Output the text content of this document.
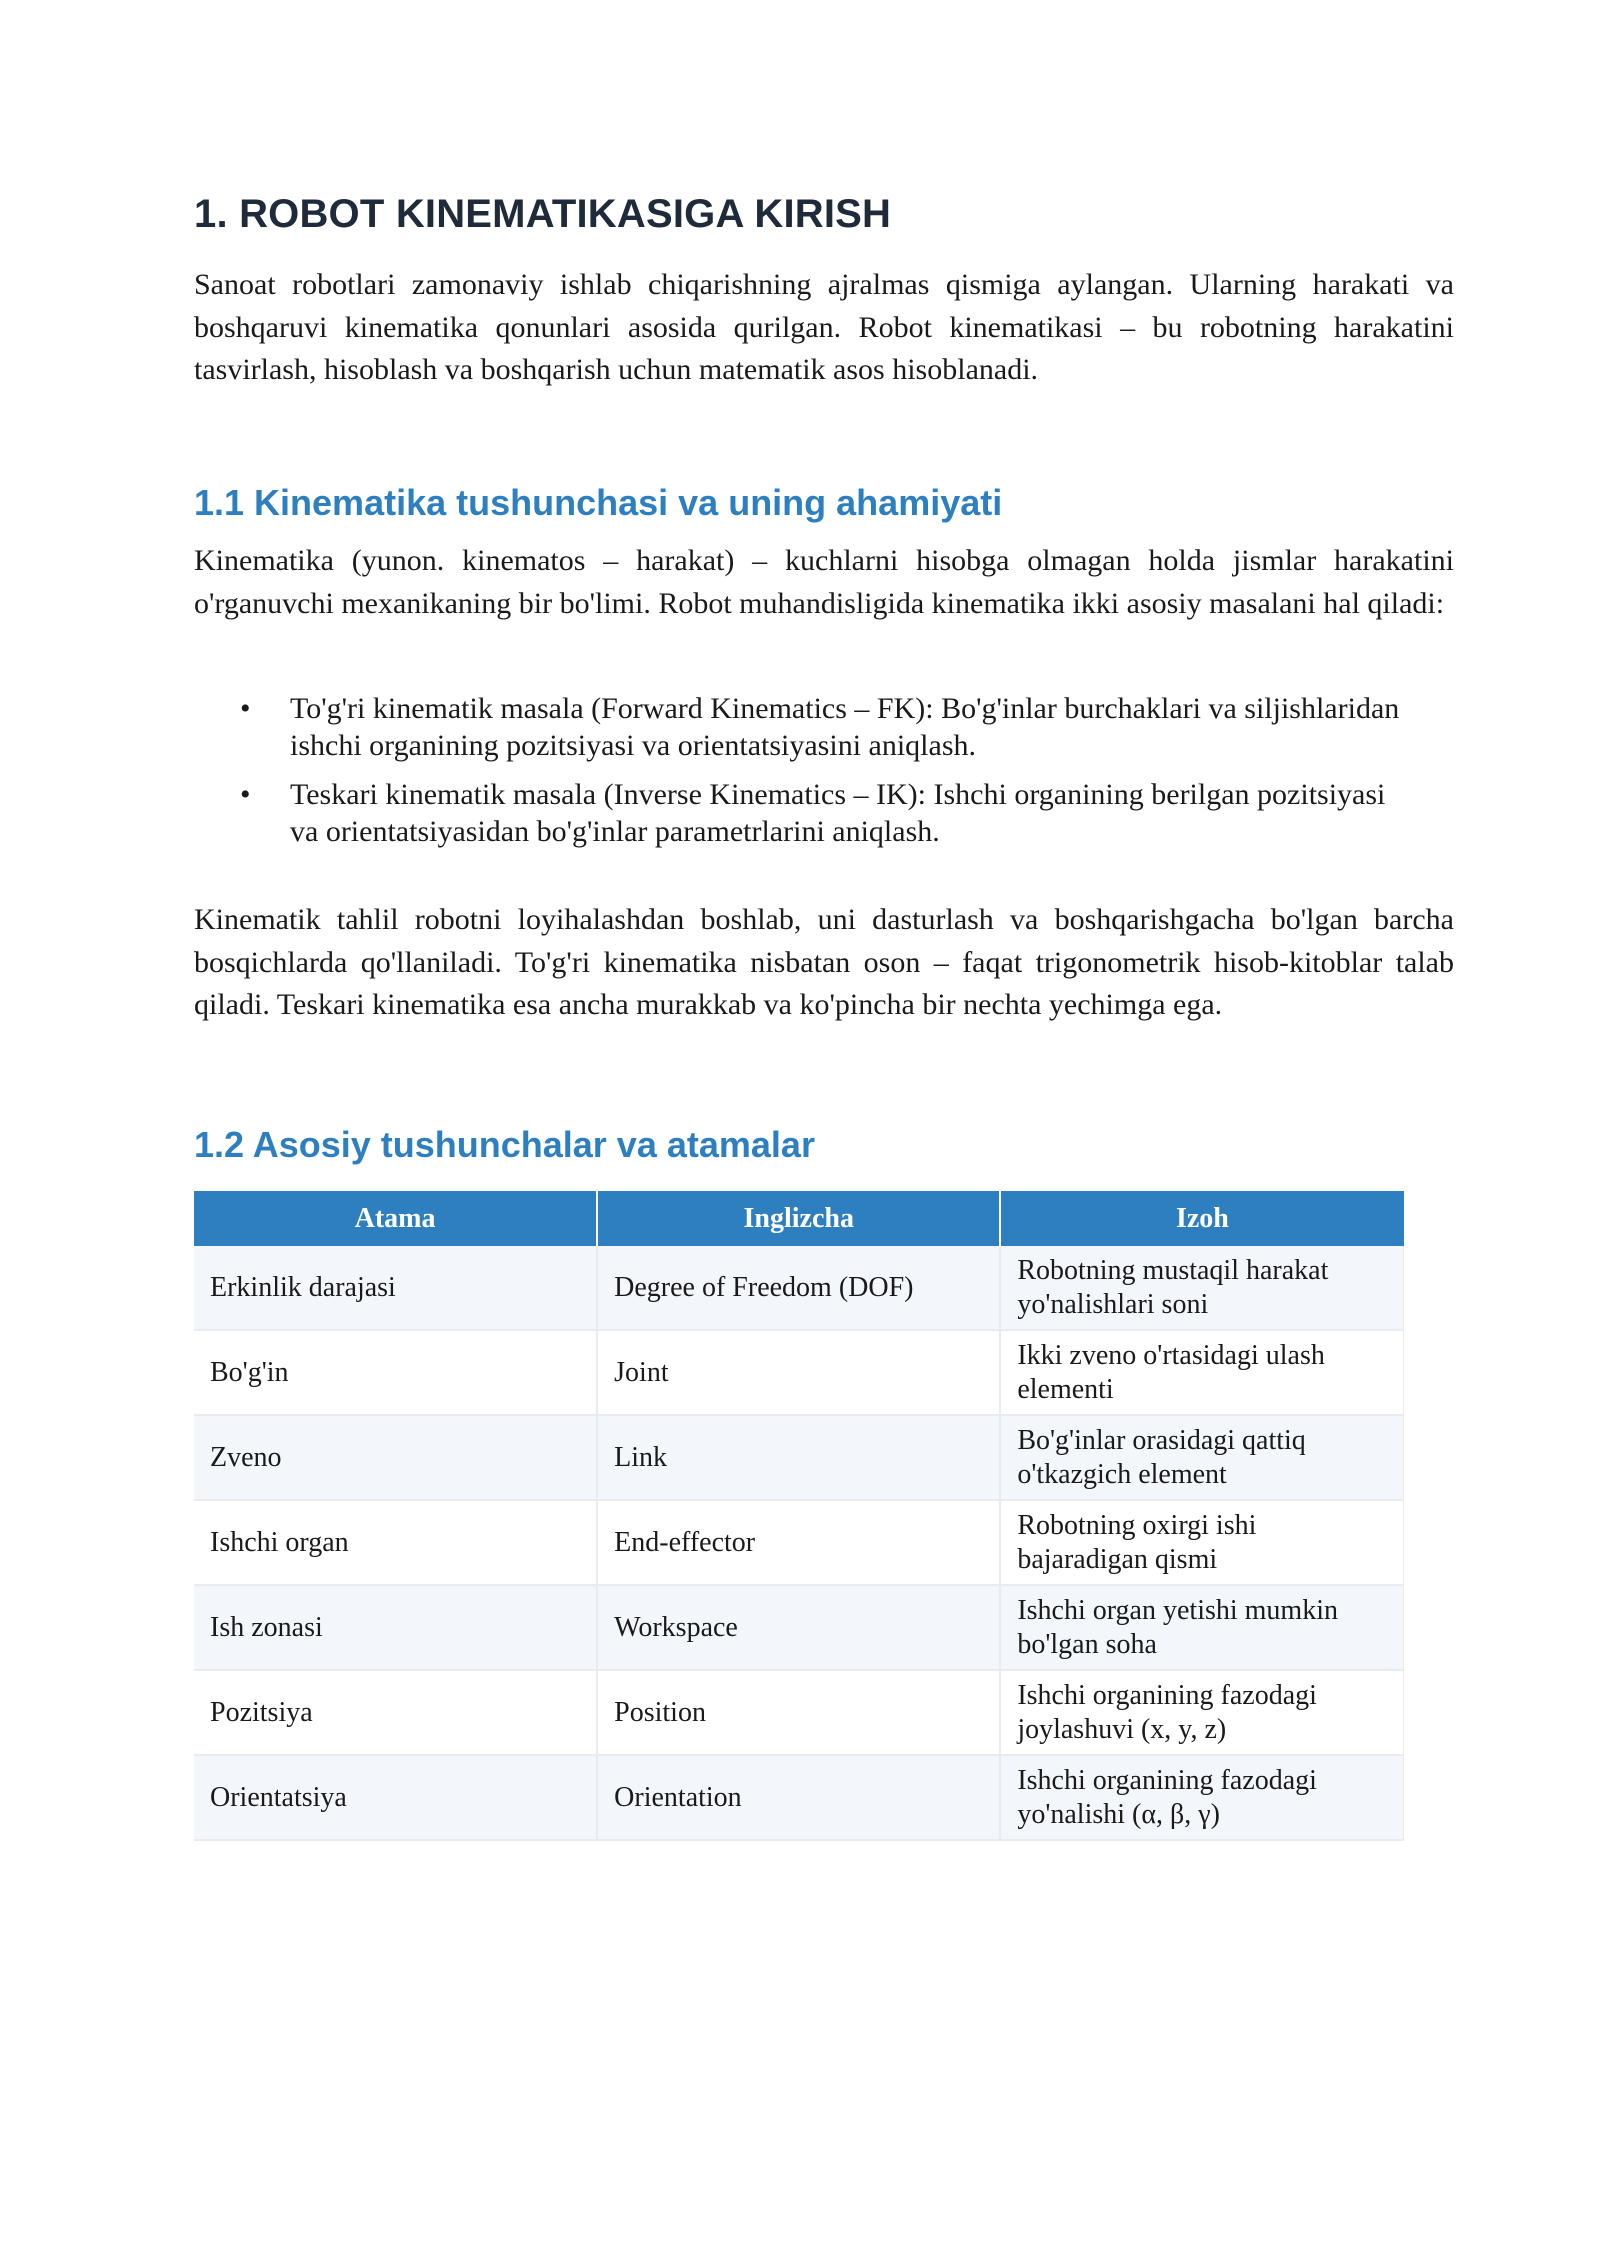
1. ROBOT KINEMATIKASIGA KIRISH

Sanoat robotlari zamonaviy ishlab chiqarishning ajralmas qismiga aylangan. Ularning harakati va boshqaruvi kinematika qonunlari asosida qurilgan. Robot kinematikasi – bu robotning harakatini tasvirlash, hisoblash va boshqarish uchun matematik asos hisoblanadi.

1.1 Kinematika tushunchasi va uning ahamiyati

Kinematika (yunon. kinematos – harakat) – kuchlarni hisobga olmagan holda jismlar harakatini o'rganuvchi mexanikaning bir bo'limi. Robot muhandisligida kinematika ikki asosiy masalani hal qiladi:

• To'g'ri kinematik masala (Forward Kinematics – FK): Bo'g'inlar burchaklari va siljishlaridan ishchi organining pozitsiyasi va orientatsiyasini aniqlash.
• Teskari kinematik masala (Inverse Kinematics – IK): Ishchi organining berilgan pozitsiyasi va orientatsiyasidan bo'g'inlar parametrlarini aniqlash.

Kinematik tahlil robotni loyihalashdan boshlab, uni dasturlash va boshqarishgacha bo'lgan barcha bosqichlarda qo'llaniladi. To'g'ri kinematika nisbatan oson – faqat trigonometrik hisob-kitoblar talab qiladi. Teskari kinematika esa ancha murakkab va ko'pincha bir nechta yechimga ega.

1.2 Asosiy tushunchalar va atamalar
Atama	Inglizcha	Izoh
Erkinlik darajasi	Degree of Freedom (DOF)	Robotning mustaqil harakat yo'nalishlari soni
Bo'g'in	Joint	Ikki zveno o'rtasidagi ulash elementi
Zveno	Link	Bo'g'inlar orasidagi qattiq o'tkazgich element
Ishchi organ	End-effector	Robotning oxirgi ishi bajaradigan qismi
Ish zonasi	Workspace	Ishchi organ yetishi mumkin bo'lgan soha
Pozitsiya	Position	Ishchi organining fazodagi joylashuvi (x, y, z)
Orientatsiya	Orientation	Ishchi organining fazodagi yo'nalishi (α, β, γ)
